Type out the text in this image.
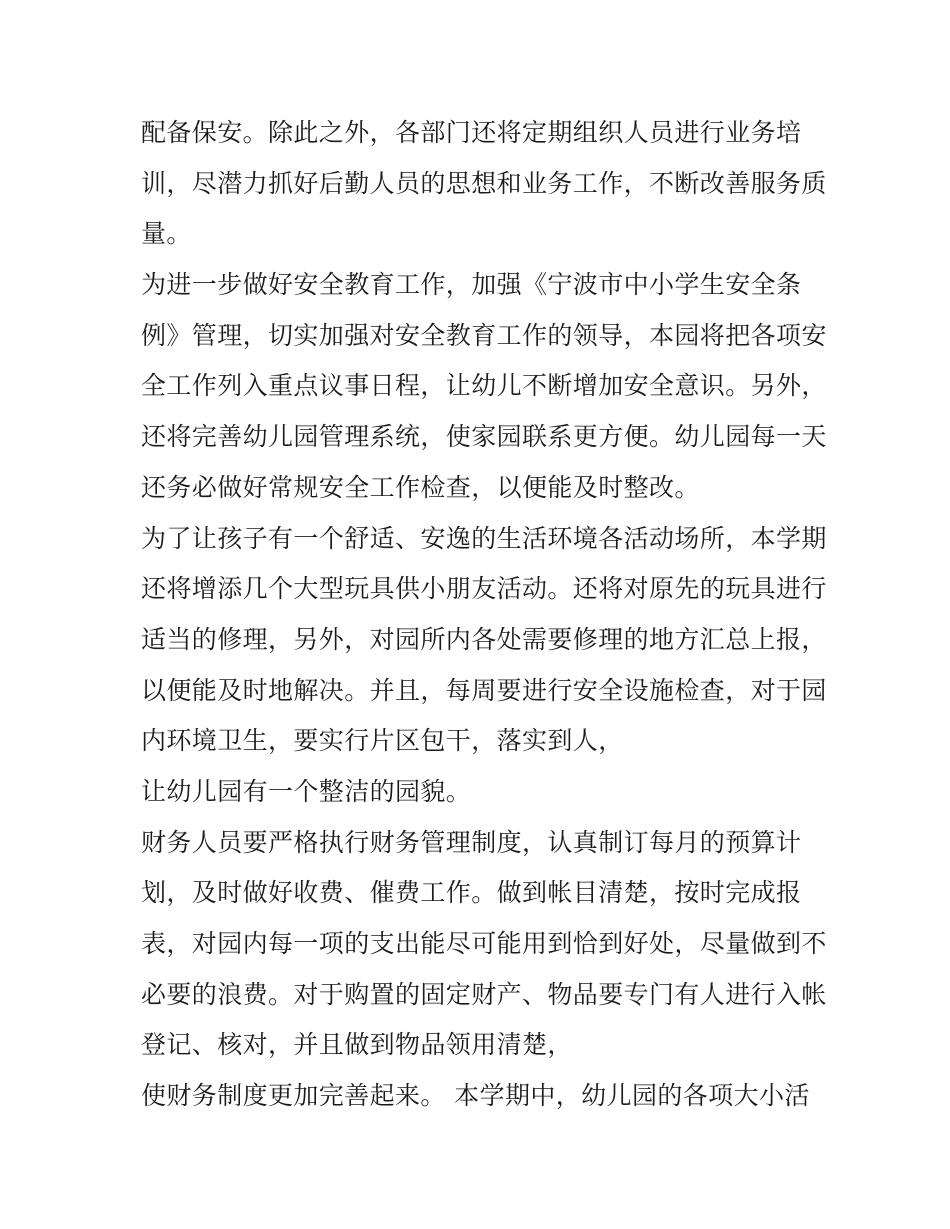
配备保安。除此之外，各部门还将定期组织人员进行业务培
训，尽潜力抓好后勤人员的思想和业务工作，不断改善服务质
量。
为进一步做好安全教育工作，加强《宁波市中小学生安全条
例》管理，切实加强对安全教育工作的领导，本园将把各项安
全工作列入重点议事日程，让幼儿不断增加安全意识。另外，
还将完善幼儿园管理系统，使家园联系更方便。幼儿园每一天
还务必做好常规安全工作检查，以便能及时整改。
为了让孩子有一个舒适、安逸的生活环境各活动场所，本学期
还将增添几个大型玩具供小朋友活动。还将对原先的玩具进行
适当的修理，另外，对园所内各处需要修理的地方汇总上报，
以便能及时地解决。并且，每周要进行安全设施检查，对于园
内环境卫生，要实行片区包干，落实到人，
让幼儿园有一个整洁的园貌。
财务人员要严格执行财务管理制度，认真制订每月的预算计
划，及时做好收费、催费工作。做到帐目清楚，按时完成报
表，对园内每一项的支出能尽可能用到恰到好处，尽量做到不
必要的浪费。对于购置的固定财产、物品要专门有人进行入帐
登记、核对，并且做到物品领用清楚，
使财务制度更加完善起来。 本学期中，幼儿园的各项大小活
